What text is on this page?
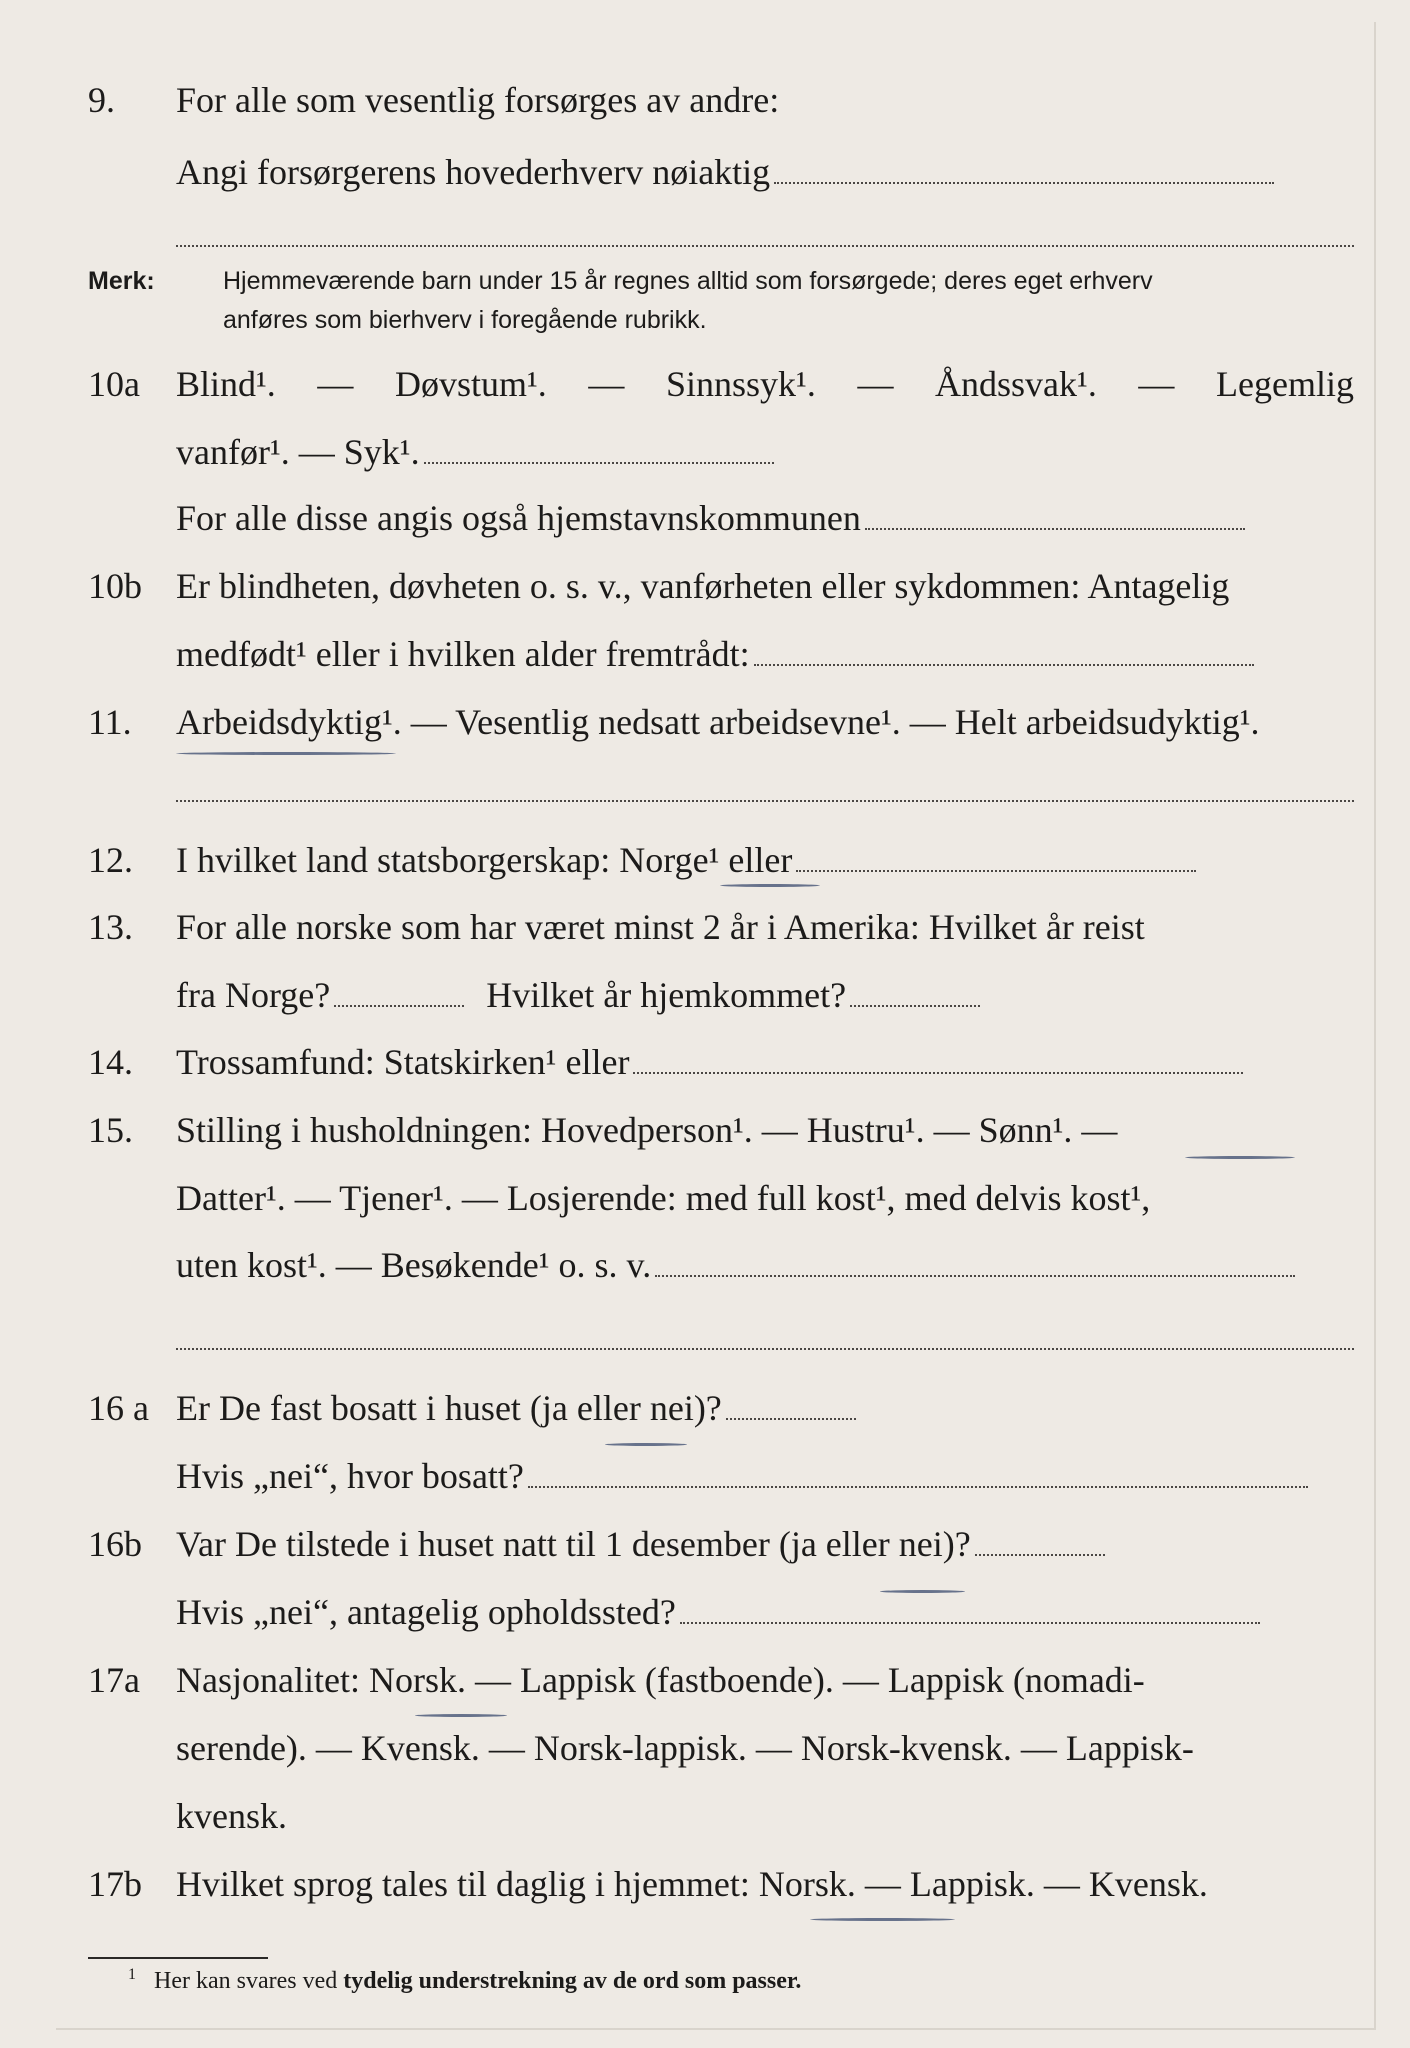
9. For alle som vesentlig forsørges av andre:
Angi forsørgerens hovederhverv nøiaktig
Merk:	Hjemmeværende barn under 15 år regnes alltid som forsørgede; deres eget erhverv
anføres som bierhverv i foregående rubrikk.
10a Blind¹. — Døvstum¹. — Sinnssyk¹. — Åndssvak¹. — Legemlig
vanfør¹. — Syk¹.
For alle disse angis også hjemstavnskommunen
10b Er blindheten, døvheten o. s. v., vanførheten eller sykdommen: Antagelig
medfødt¹ eller i hvilken alder fremtrådt:
11. Arbeidsdyktig¹. — Vesentlig nedsatt arbeidsevne¹. — Helt arbeidsudyktig¹.
12. I hvilket land statsborgerskap: Norge¹ eller
13. For alle norske som har været minst 2 år i Amerika: Hvilket år reist
fra Norge?	Hvilket år hjemkommet?
14. Trossamfund: Statskirken¹ eller
15. Stilling i husholdningen: Hovedperson¹. — Hustru¹. — Sønn¹. —
Datter¹. — Tjener¹. — Losjerende: med full kost¹, med delvis kost¹,
uten kost¹. — Besøkende¹ o. s. v.
16 a Er De fast bosatt i huset (ja eller nei)?
Hvis „nei“, hvor bosatt?
16b Var De tilstede i huset natt til 1 desember (ja eller nei)?
Hvis „nei“, antagelig opholdssted?
17a Nasjonalitet: Norsk. — Lappisk (fastboende). — Lappisk (nomadi-
serende). — Kvensk. — Norsk-lappisk. — Norsk-kvensk. — Lappisk-
kvensk.
17b Hvilket sprog tales til daglig i hjemmet: Norsk. — Lappisk. — Kvensk.
$^1$ Her kan svares ved tydelig understrekning av de ord som passer.
